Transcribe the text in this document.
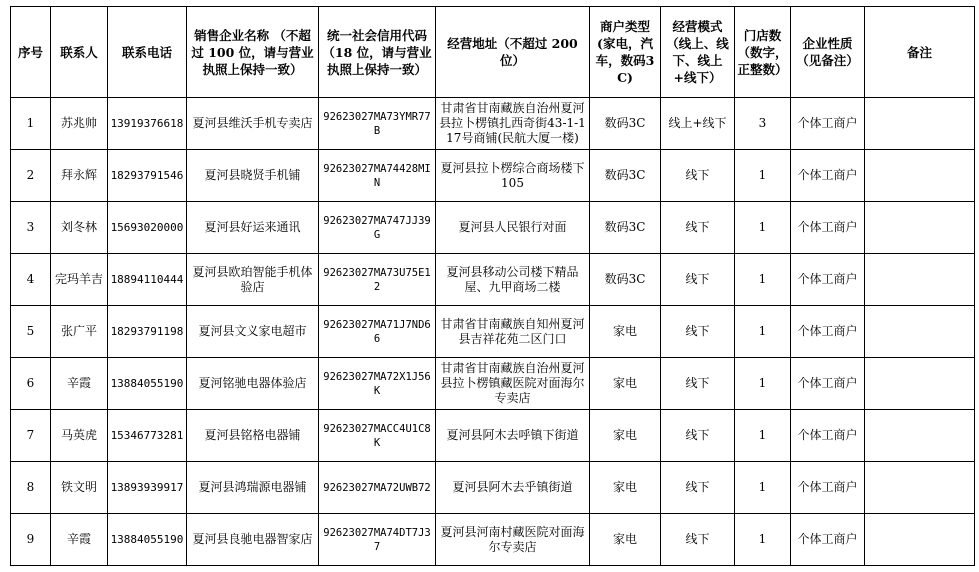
序号	联系人	联系电话	销售企业名称 （不超过 100 位，请与营业执照上保持一致）	统一社会信用代码（18 位，请与营业执照上保持一致）	经营地址（不超过 200 位）	商户类型(家电，汽车，数码3C)	经营模式（线上、线下、线上+线下）	门店数（数字，正整数）	企业性质（见备注）	备注
1	苏兆帅	13919376618	夏河县维沃手机专卖店	92623027MA73YMR77B	甘肃省甘南藏族自治州夏河县拉卜楞镇扎西奇街43-1-117号商铺(民航大厦一楼)	数码3C	线上+线下	3	个体工商户	
2	拜永辉	18293791546	夏河县晓贤手机铺	92623027MA74428MIN	夏河县拉卜楞综合商场楼下105	数码3C	线下	1	个体工商户	
3	刘冬林	15693020000	夏河县好运来通讯	92623027MA747JJ39G	夏河县人民银行对面	数码3C	线下	1	个体工商户	
4	完玛羊吉	18894110444	夏河县欧珀智能手机体验店	92623027MA73U75E12	夏河县移动公司楼下精品屋、九甲商场二楼	数码3C	线下	1	个体工商户	
5	张广平	18293791198	夏河县文义家电超市	92623027MA71J7ND66	甘肃省甘南藏族自知州夏河县吉祥花苑二区门口	家电	线下	1	个体工商户	
6	辛霞	13884055190	夏河铭驰电器体验店	92623027MA72X1J56K	甘肃省甘南藏族自治州夏河县拉卜楞镇藏医院对面海尔专卖店	家电	线下	1	个体工商户	
7	马英虎	15346773281	夏河县铭格电器铺	92623027MACC4U1C8K	夏河县阿木去呼镇下街道	家电	线下	1	个体工商户	
8	铁文明	13893939917	夏河县鸿瑞源电器铺	92623027MA72UWB72	夏河县阿木去乎镇街道	家电	线下	1	个体工商户	
9	辛霞	13884055190	夏河县良驰电器智家店	92623027MA74DT7J37	夏河县河南村藏医院对面海尔专卖店	家电	线下	1	个体工商户	
